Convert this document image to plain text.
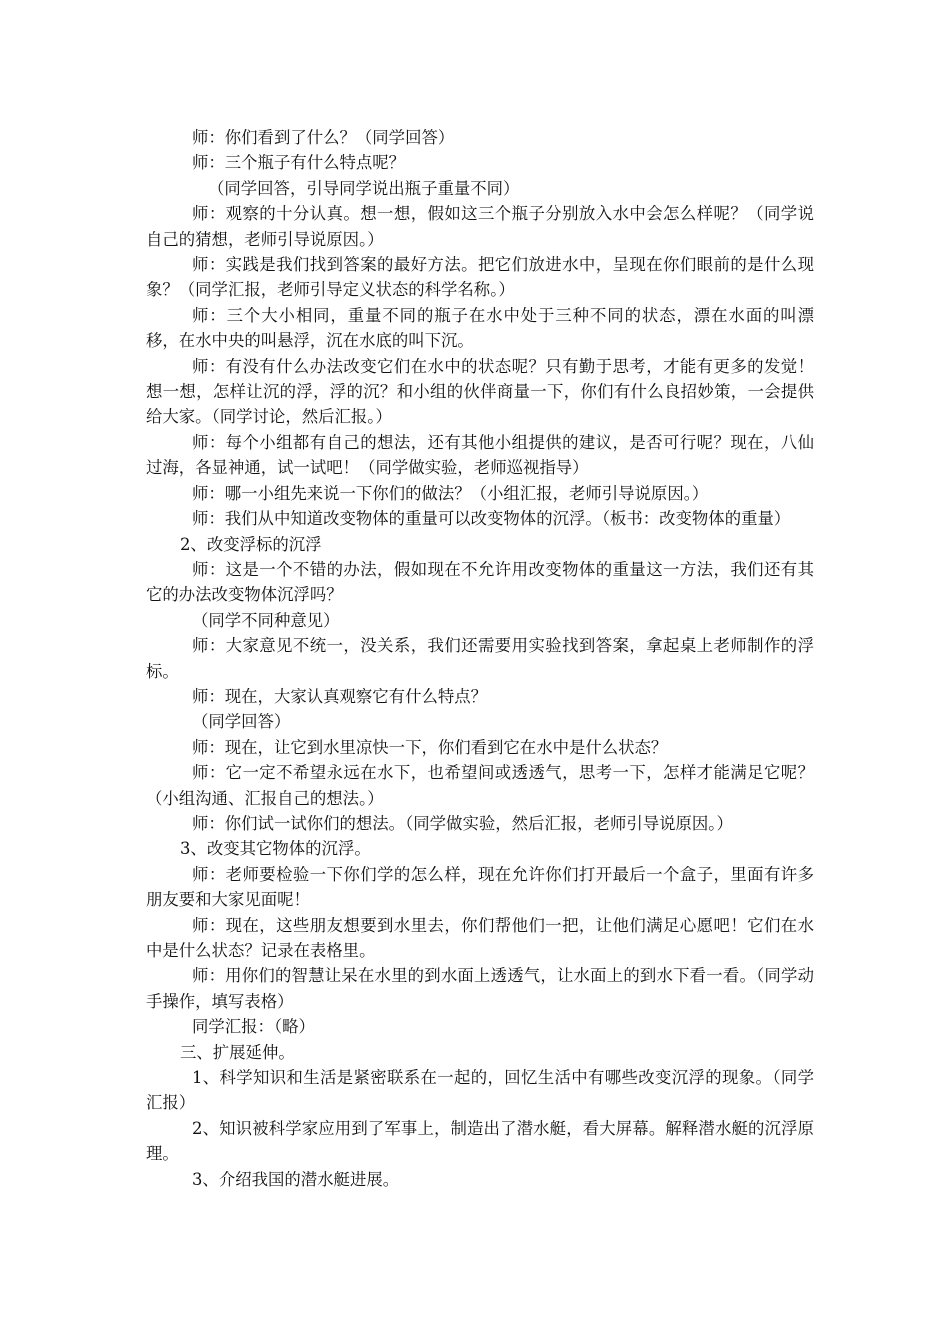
师：你们看到了什么？（同学回答）

师：三个瓶子有什么特点呢？

（同学回答，引导同学说出瓶子重量不同）

师：观察的十分认真。想一想，假如这三个瓶子分别放入水中会怎么样呢？（同学说自己的猜想，老师引导说原因。）

师：实践是我们找到答案的最好方法。把它们放进水中，呈现在你们眼前的是什么现象？（同学汇报，老师引导定义状态的科学名称。）

师：三个大小相同，重量不同的瓶子在水中处于三种不同的状态，漂在水面的叫漂移，在水中央的叫悬浮，沉在水底的叫下沉。

师：有没有什么办法改变它们在水中的状态呢？只有勤于思考，才能有更多的发觉！想一想，怎样让沉的浮，浮的沉？和小组的伙伴商量一下，你们有什么良招妙策，一会提供给大家。（同学讨论，然后汇报。）

师：每个小组都有自己的想法，还有其他小组提供的建议，是否可行呢？现在，八仙过海，各显神通，试一试吧！（同学做实验，老师巡视指导）

师：哪一小组先来说一下你们的做法？（小组汇报，老师引导说原因。）

师：我们从中知道改变物体的重量可以改变物体的沉浮。（板书：改变物体的重量）

2、改变浮标的沉浮

师：这是一个不错的办法，假如现在不允许用改变物体的重量这一方法，我们还有其它的办法改变物体沉浮吗？

（同学不同种意见）

师：大家意见不统一，没关系，我们还需要用实验找到答案，拿起桌上老师制作的浮标。

师：现在，大家认真观察它有什么特点？

（同学回答）

师：现在，让它到水里凉快一下，你们看到它在水中是什么状态？

师：它一定不希望永远在水下，也希望间或透透气，思考一下，怎样才能满足它呢？（小组沟通、汇报自己的想法。）

师：你们试一试你们的想法。（同学做实验，然后汇报，老师引导说原因。）

3、改变其它物体的沉浮。

师：老师要检验一下你们学的怎么样，现在允许你们打开最后一个盒子，里面有许多朋友要和大家见面呢！

师：现在，这些朋友想要到水里去，你们帮他们一把，让他们满足心愿吧！它们在水中是什么状态？记录在表格里。

师：用你们的智慧让呆在水里的到水面上透透气，让水面上的到水下看一看。（同学动手操作，填写表格）

同学汇报：（略）

三、扩展延伸。

1、科学知识和生活是紧密联系在一起的，回忆生活中有哪些改变沉浮的现象。（同学汇报）

2、知识被科学家应用到了军事上，制造出了潜水艇，看大屏幕。解释潜水艇的沉浮原理。

3、介绍我国的潜水艇进展。
